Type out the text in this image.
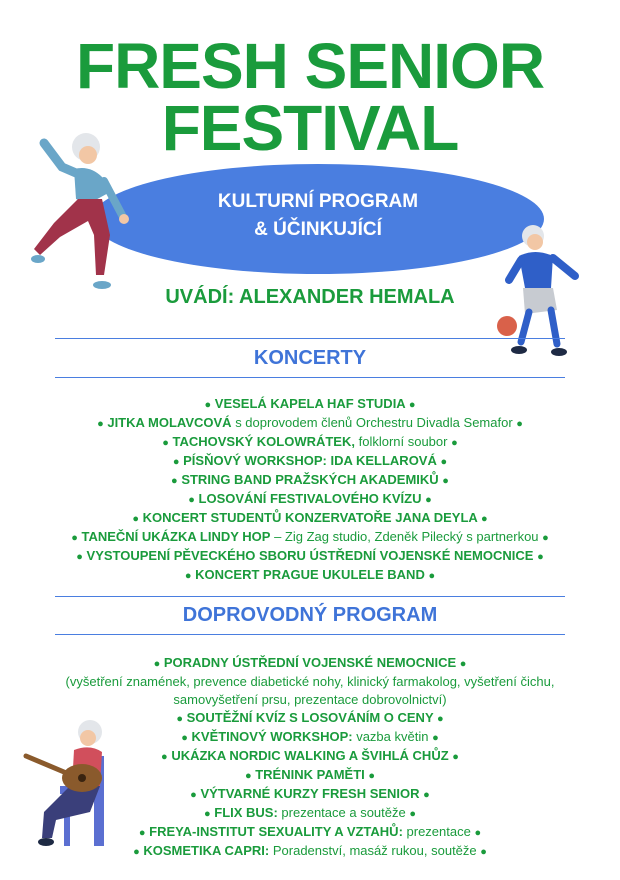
FRESH SENIOR
FESTIVAL
KULTURNÍ PROGRAM
& ÚČINKUJÍCÍ
UVÁDÍ: ALEXANDER HEMALA
KONCERTY
● VESELÁ KAPELA HAF STUDIA ●
● JITKA MOLAVCOVÁ s doprovodem členů Orchestru Divadla Semafor ●
● TACHOVSKÝ KOLOWRÁTEK, folklorní soubor ●
● PÍSŇOVÝ WORKSHOP: IDA KELLAROVÁ ●
● STRING BAND PRAŽSKÝCH AKADEMIKŮ ●
● LOSOVÁNÍ FESTIVALOVÉHO KVÍZU ●
● KONCERT STUDENTŮ KONZERVATOŘE JANA DEYLA ●
● TANEČNÍ UKÁZKA LINDY HOP – Zig Zag studio, Zdeněk Pilecký s partnerkou ●
● VYSTOUPENÍ PĚVECKÉHO SBORU ÚSTŘEDNÍ VOJENSKÉ NEMOCNICE ●
● KONCERT PRAGUE UKULELE BAND ●
DOPROVODNÝ PROGRAM
● PORADNY ÚSTŘEDNÍ VOJENSKÉ NEMOCNICE ●
(vyšetření znamének, prevence diabetické nohy, klinický farmakolog, vyšetření čichu,
samovyšetření prsu, prezentace dobrovolnictví)
● SOUTĚŽNÍ KVÍZ S LOSOVÁNÍM O CENY ●
● KVĚTINOVÝ WORKSHOP: vazba květin ●
● UKÁZKA NORDIC WALKING A ŠVIHLÁ CHŮZ ●
● TRÉNINK PAMĚTI ●
● VÝTVARNÉ KURZY FRESH SENIOR ●
● FLIX BUS: prezentace a soutěže ●
● FREYA-INSTITUT SEXUALITY A VZTAHŮ: prezentace ●
● KOSMETIKA CAPRI: Poradenství, masáž rukou, soutěže ●
